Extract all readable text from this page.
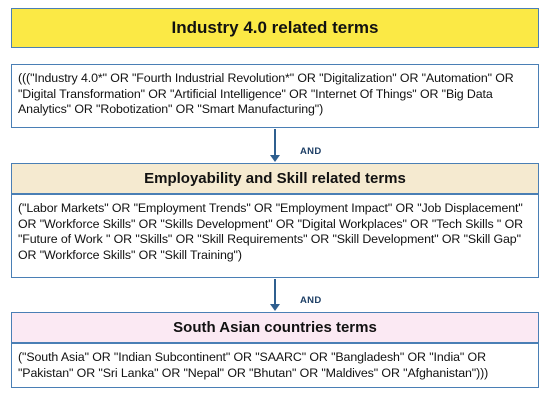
Industry 4.0 related terms
((("Industry 4.0*" OR "Fourth Industrial Revolution*" OR "Digitalization" OR "Automation" OR "Digital Transformation" OR "Artificial Intelligence" OR "Internet Of Things" OR "Big Data Analytics" OR "Robotization" OR "Smart Manufacturing")
AND
Employability and Skill related terms
("Labor Markets" OR "Employment Trends" OR "Employment Impact" OR "Job Displacement" OR "Workforce Skills" OR "Skills Development" OR "Digital Workplaces" OR "Tech Skills " OR "Future of Work " OR "Skills" OR "Skill Requirements" OR "Skill Development" OR "Skill Gap" OR "Workforce Skills" OR "Skill Training")
AND
South Asian countries terms
("South Asia" OR "Indian Subcontinent" OR "SAARC" OR "Bangladesh" OR "India" OR "Pakistan" OR "Sri Lanka" OR "Nepal" OR "Bhutan" OR "Maldives" OR "Afghanistan")))
